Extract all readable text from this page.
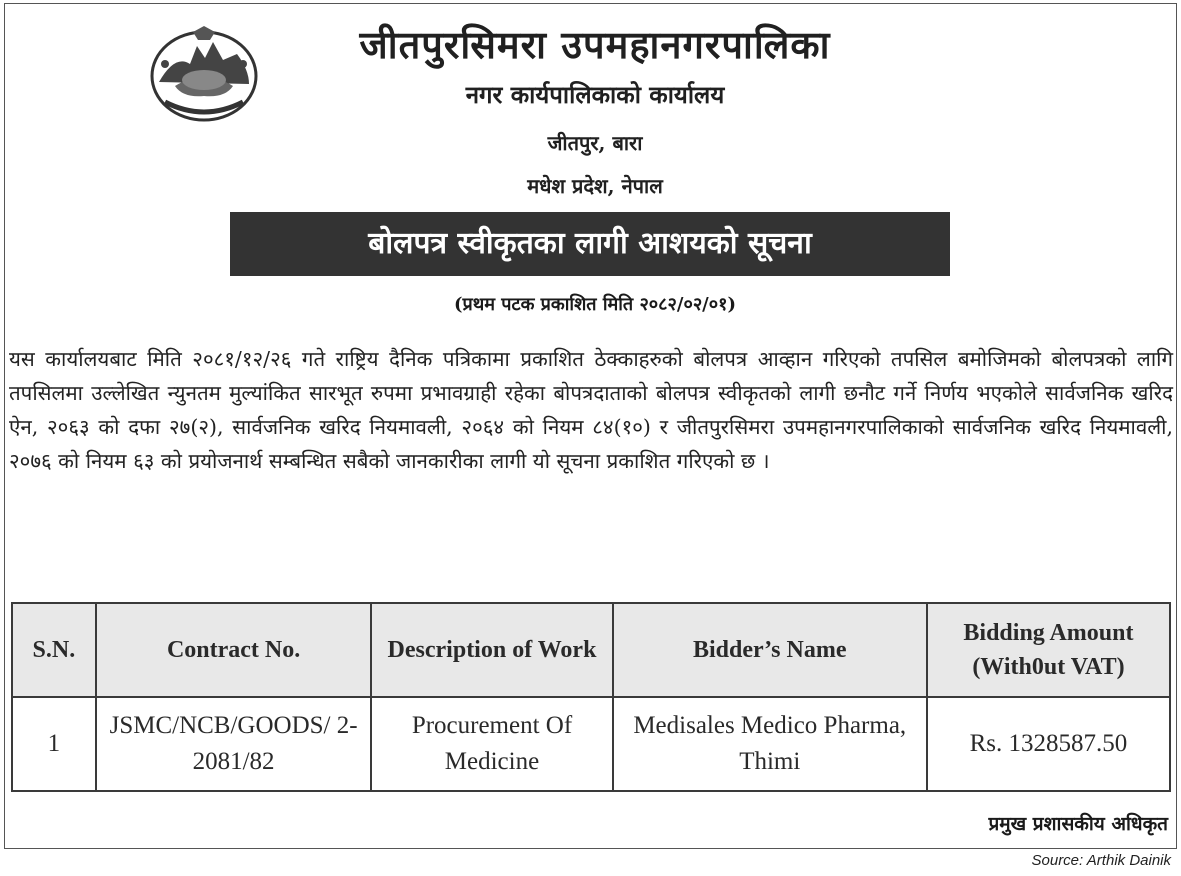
जीतपुरसिमरा उपमहानगरपालिका
नगर कार्यपालिकाको कार्यालय
जीतपुर, बारा
मधेश प्रदेश, नेपाल
बोलपत्र स्वीकृतका लागी आशयको सूचना
(प्रथम पटक प्रकाशित मिति २०८२/०२/०१)
यस कार्यालयबाट मिति २०८१/१२/२६ गते राष्ट्रिय दैनिक पत्रिकामा प्रकाशित ठेक्काहरुको बोलपत्र आव्हान गरिएको तपसिल बमोजिमको बोलपत्रको लागि तपसिलमा उल्लेखित न्युनतम मुल्यांकित सारभूत रुपमा प्रभावग्राही रहेका बोपत्रदाताको बोलपत्र स्वीकृतको लागी छनौट गर्ने निर्णय भएकोले सार्वजनिक खरिद ऐन, २०६३ को दफा २७(२), सार्वजनिक खरिद नियमावली, २०६४ को नियम ८४(१०) र जीतपुरसिमरा उपमहानगरपालिकाको सार्वजनिक खरिद नियमावली, २०७६ को नियम ६३ को प्रयोजनार्थ सम्बन्धित सबैको जानकारीका लागी यो सूचना प्रकाशित गरिएको छ ।
S.N.	Contract No.	Description of Work	Bidder’s Name	Bidding Amount (With0ut VAT)
1	JSMC/NCB/GOODS/ 2-2081/82	Procurement Of Medicine	Medisales Medico Pharma, Thimi	Rs. 1328587.50
प्रमुख प्रशासकीय अधिकृत
Source: Arthik Dainik
